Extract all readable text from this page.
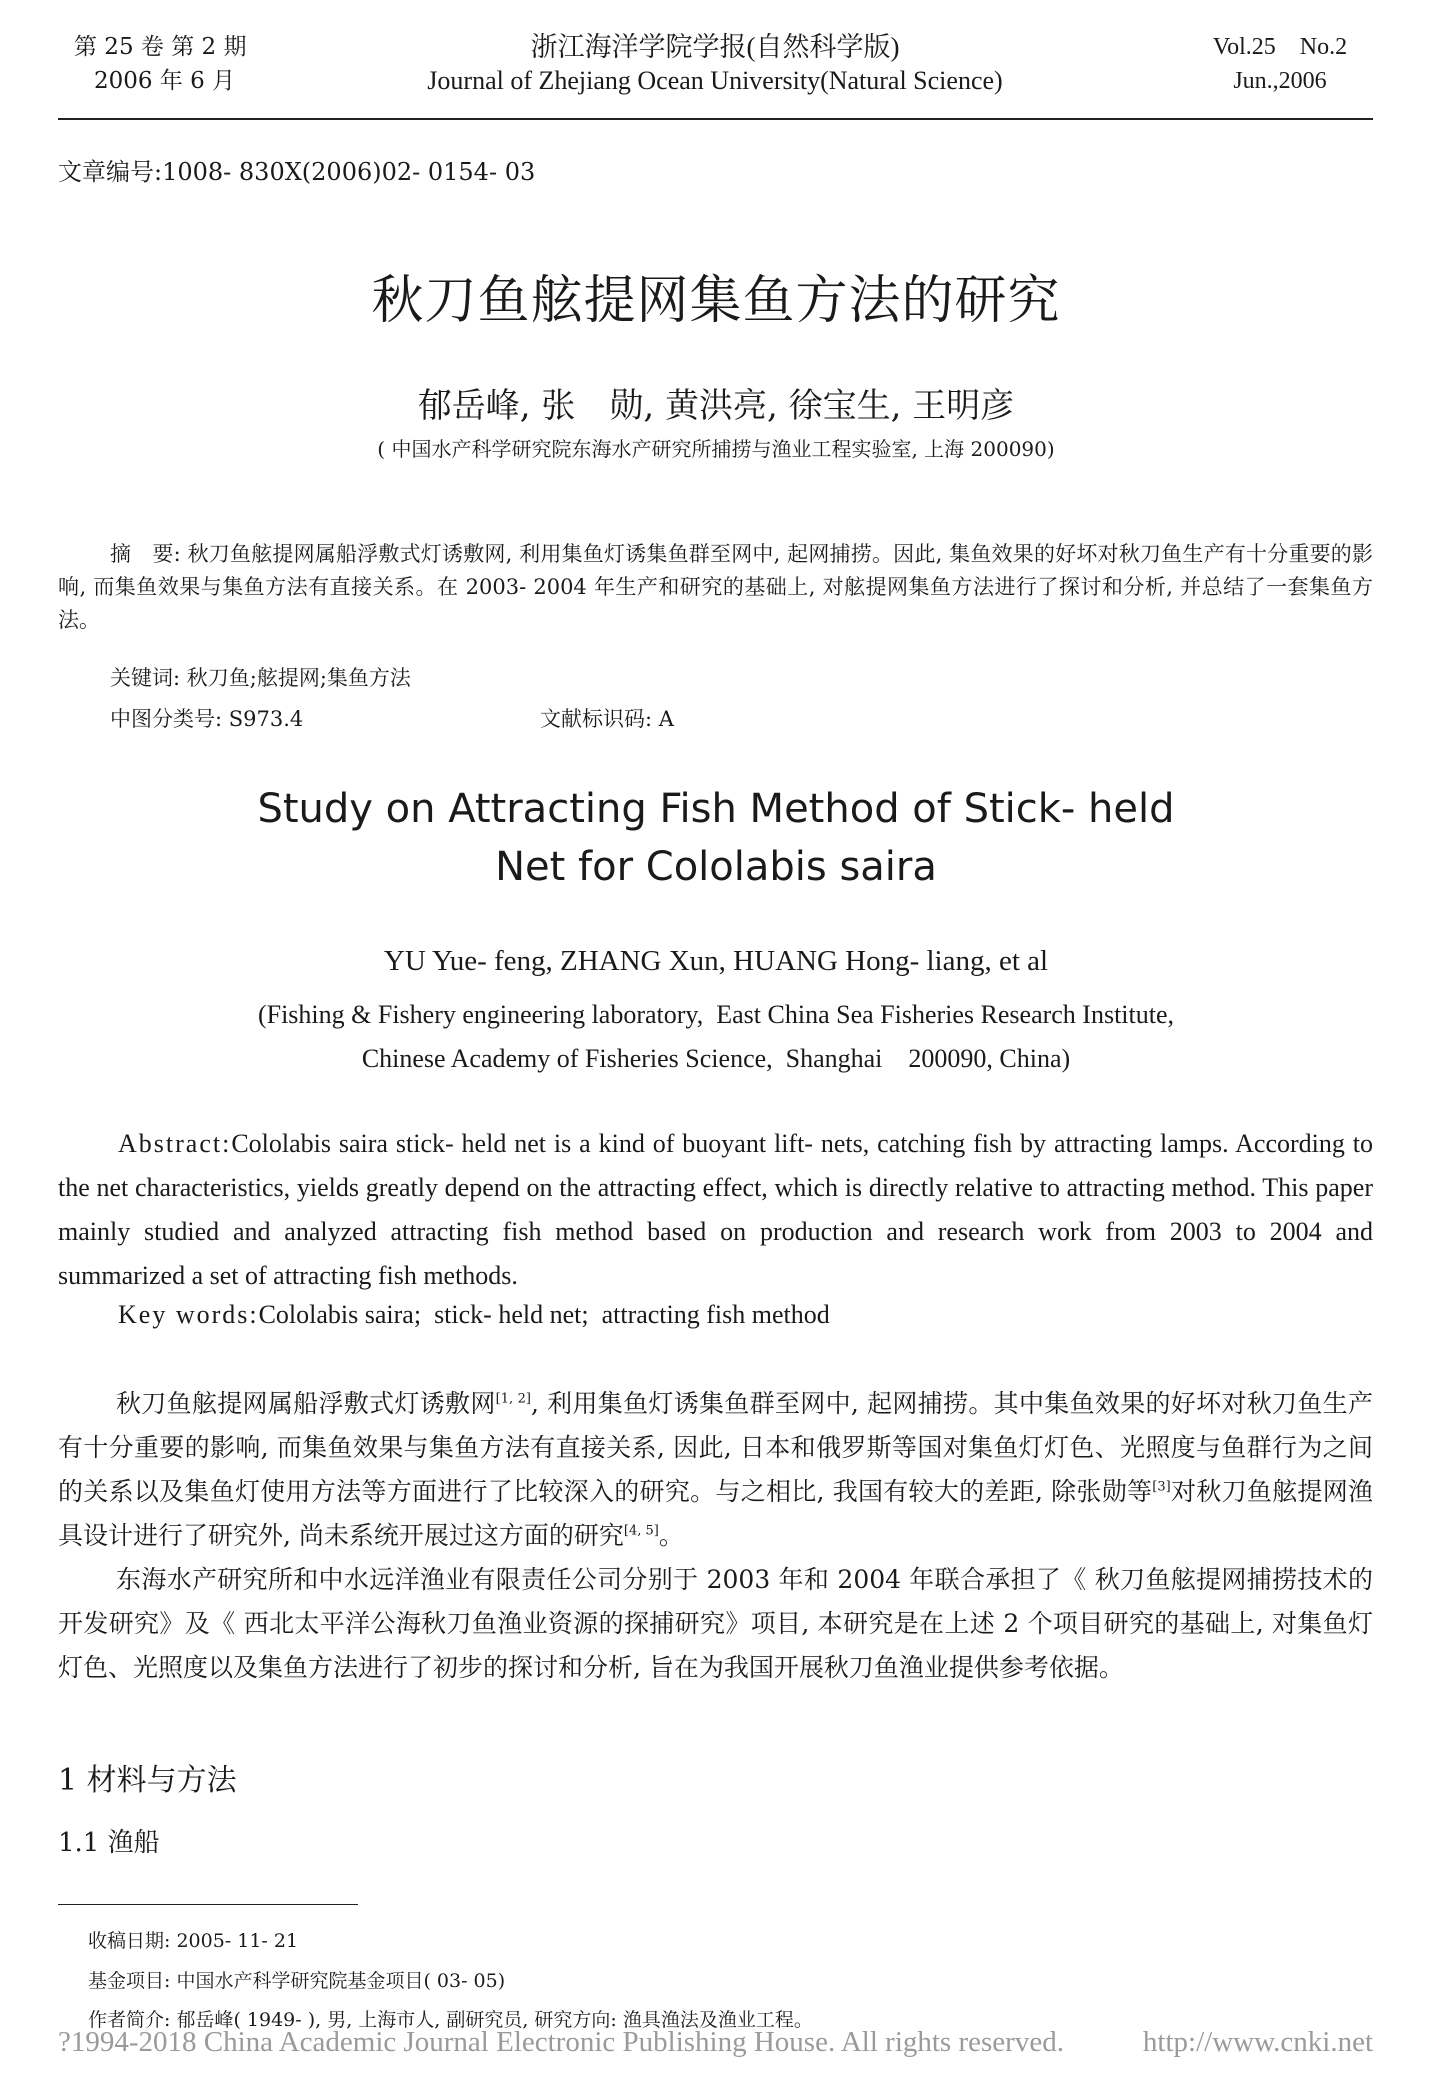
第 25 卷 第 2 期
2006 年 6 月
浙江海洋学院学报(自然科学版)
Journal of Zhejiang Ocean University(Natural Science)
Vol.25    No.2
Jun.,2006
文章编号:1008- 830X(2006)02- 0154- 03
秋刀鱼舷提网集鱼方法的研究
郁岳峰, 张　勋, 黄洪亮, 徐宝生, 王明彦
( 中国水产科学研究院东海水产研究所捕捞与渔业工程实验室, 上海 200090)
摘　要: 秋刀鱼舷提网属船浮敷式灯诱敷网, 利用集鱼灯诱集鱼群至网中, 起网捕捞。因此, 集鱼效果的好坏对秋刀鱼生产有十分重要的影响, 而集鱼效果与集鱼方法有直接关系。在 2003- 2004 年生产和研究的基础上, 对舷提网集鱼方法进行了探讨和分析, 并总结了一套集鱼方法。
关键词: 秋刀鱼;舷提网;集鱼方法
中图分类号: S973.4	文献标识码: A
Study on Attracting Fish Method of Stick- held
Net for Cololabis saira
YU Yue- feng, ZHANG Xun, HUANG Hong- liang, et al
(Fishing & Fishery engineering laboratory,  East China Sea Fisheries Research Institute,
Chinese Academy of Fisheries Science,  Shanghai    200090, China)
Abstract:Cololabis saira stick- held net is a kind of buoyant lift- nets, catching fish by attracting lamps. According to the net characteristics, yields greatly depend on the attracting effect, which is directly relative to attracting method. This paper mainly studied and analyzed attracting fish method based on production and research work from 2003 to 2004 and summarized a set of attracting fish methods.
Key words:Cololabis saira;  stick- held net;  attracting fish method
秋刀鱼舷提网属船浮敷式灯诱敷网[1, 2], 利用集鱼灯诱集鱼群至网中, 起网捕捞。其中集鱼效果的好坏对秋刀鱼生产有十分重要的影响, 而集鱼效果与集鱼方法有直接关系, 因此, 日本和俄罗斯等国对集鱼灯灯色、光照度与鱼群行为之间的关系以及集鱼灯使用方法等方面进行了比较深入的研究。与之相比, 我国有较大的差距, 除张勋等[3]对秋刀鱼舷提网渔具设计进行了研究外, 尚未系统开展过这方面的研究[4, 5]。
东海水产研究所和中水远洋渔业有限责任公司分别于 2003 年和 2004 年联合承担了《 秋刀鱼舷提网捕捞技术的开发研究》及《 西北太平洋公海秋刀鱼渔业资源的探捕研究》项目, 本研究是在上述 2 个项目研究的基础上, 对集鱼灯灯色、光照度以及集鱼方法进行了初步的探讨和分析, 旨在为我国开展秋刀鱼渔业提供参考依据。
1 材料与方法
1.1 渔船
收稿日期: 2005- 11- 21
基金项目: 中国水产科学研究院基金项目( 03- 05)
作者简介: 郁岳峰( 1949- ), 男, 上海市人, 副研究员, 研究方向: 渔具渔法及渔业工程。
?1994-2018 China Academic Journal Electronic Publishing House. All rights reserved.	http://www.cnki.net
